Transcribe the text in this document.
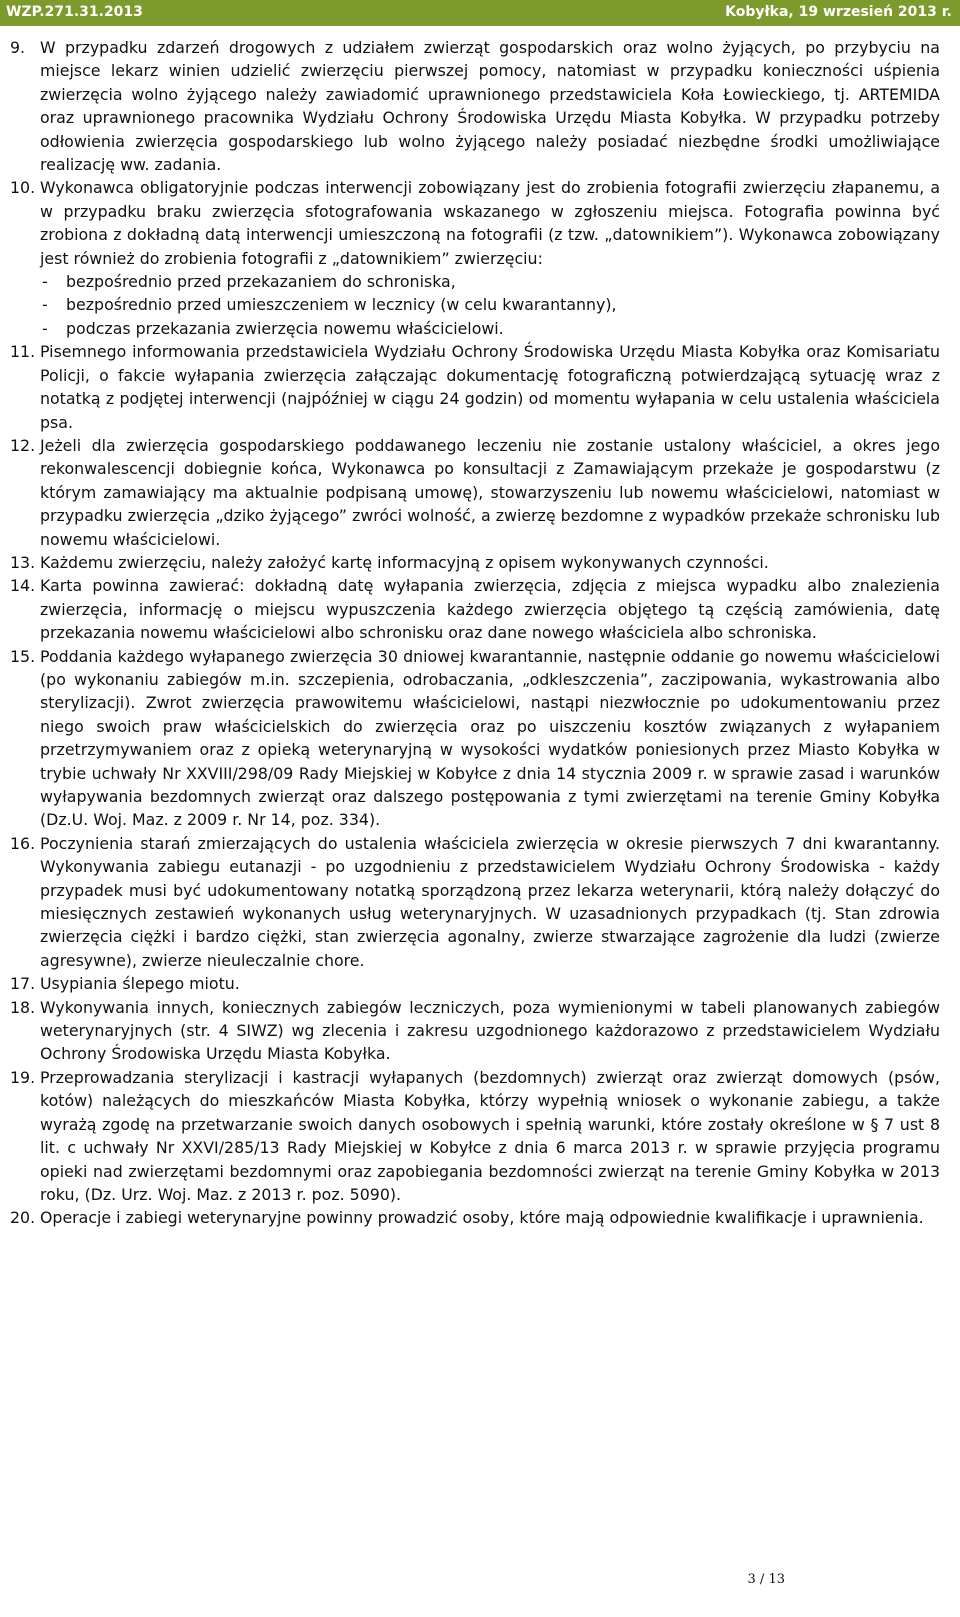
WZP.271.31.2013	Kobyłka, 19 wrzesień 2013 r.
9. W przypadku zdarzeń drogowych z udziałem zwierząt gospodarskich oraz wolno żyjących, po przybyciu na miejsce lekarz winien udzielić zwierzęciu pierwszej pomocy, natomiast w przypadku konieczności uśpienia zwierzęcia wolno żyjącego należy zawiadomić uprawnionego przedstawiciela Koła Łowieckiego, tj. ARTEMIDA oraz uprawnionego pracownika Wydziału Ochrony Środowiska Urzędu Miasta Kobyłka. W przypadku potrzeby odłowienia zwierzęcia gospodarskiego lub wolno żyjącego należy posiadać niezbędne środki umożliwiające realizację ww. zadania.
10. Wykonawca obligatoryjnie podczas interwencji zobowiązany jest do zrobienia fotografii zwierzęciu złapanemu, a w przypadku braku zwierzęcia sfotografowania wskazanego w zgłoszeniu miejsca. Fotografia powinna być zrobiona z dokładną datą interwencji umieszczoną na fotografii (z tzw. „datownikiem”). Wykonawca zobowiązany jest również do zrobienia fotografii z „datownikiem” zwierzęciu:
-	bezpośrednio przed przekazaniem do schroniska,
-	bezpośrednio przed umieszczeniem w lecznicy (w celu kwarantanny),
-	podczas przekazania zwierzęcia nowemu właścicielowi.
11. Pisemnego informowania przedstawiciela Wydziału Ochrony Środowiska Urzędu Miasta Kobyłka oraz Komisariatu Policji, o fakcie wyłapania zwierzęcia załączając dokumentację fotograficzną potwierdzającą sytuację wraz z notatką z podjętej interwencji (najpóźniej w ciągu 24 godzin) od momentu wyłapania w celu ustalenia właściciela psa.
12. Jeżeli dla zwierzęcia gospodarskiego poddawanego leczeniu nie zostanie ustalony właściciel, a okres jego rekonwalescencji dobiegnie końca, Wykonawca po konsultacji z Zamawiającym przekaże je gospodarstwu (z którym zamawiający ma aktualnie podpisaną umowę), stowarzyszeniu lub nowemu właścicielowi, natomiast w przypadku zwierzęcia „dziko żyjącego” zwróci wolność, a zwierzę bezdomne z wypadków przekaże schronisku lub nowemu właścicielowi.
13. Każdemu zwierzęciu, należy założyć kartę informacyjną z opisem wykonywanych czynności.
14. Karta powinna zawierać: dokładną datę wyłapania zwierzęcia, zdjęcia z miejsca wypadku albo znalezienia zwierzęcia, informację o miejscu wypuszczenia każdego zwierzęcia objętego tą częścią zamówienia, datę przekazania nowemu właścicielowi albo schronisku oraz dane nowego właściciela albo schroniska.
15. Poddania każdego wyłapanego zwierzęcia 30 dniowej kwarantannie, następnie oddanie go nowemu właścicielowi (po wykonaniu zabiegów m.in. szczepienia, odrobaczania, „odkleszczenia”, zaczipowania, wykastrowania albo sterylizacji). Zwrot zwierzęcia prawowitemu właścicielowi, nastąpi niezwłocznie po udokumentowaniu przez niego swoich praw właścicielskich do zwierzęcia oraz po uiszczeniu kosztów związanych z wyłapaniem przetrzymywaniem oraz z opieką weterynaryjną w wysokości wydatków poniesionych przez Miasto Kobyłka w trybie uchwały Nr XXVIII/298/09 Rady Miejskiej w Kobyłce z dnia 14 stycznia 2009 r. w sprawie zasad i warunków wyłapywania bezdomnych zwierząt oraz dalszego postępowania z tymi zwierzętami na terenie Gminy Kobyłka (Dz.U. Woj. Maz. z 2009 r. Nr 14, poz. 334).
16. Poczynienia starań zmierzających do ustalenia właściciela zwierzęcia w okresie pierwszych 7 dni kwarantanny. Wykonywania zabiegu eutanazji - po uzgodnieniu z przedstawicielem Wydziału Ochrony Środowiska - każdy przypadek musi być udokumentowany notatką sporządzoną przez lekarza weterynarii, którą należy dołączyć do miesięcznych zestawień wykonanych usług weterynaryjnych. W uzasadnionych przypadkach (tj. Stan zdrowia zwierzęcia ciężki i bardzo ciężki, stan zwierzęcia agonalny, zwierze stwarzające zagrożenie dla ludzi (zwierze agresywne), zwierze nieuleczalnie chore.
17. Usypiania ślepego miotu.
18. Wykonywania innych, koniecznych zabiegów leczniczych, poza wymienionymi w tabeli planowanych zabiegów weterynaryjnych (str. 4 SIWZ) wg zlecenia i zakresu uzgodnionego każdorazowo z przedstawicielem Wydziału Ochrony Środowiska Urzędu Miasta Kobyłka.
19. Przeprowadzania sterylizacji i kastracji wyłapanych (bezdomnych) zwierząt oraz zwierząt domowych (psów, kotów) należących do mieszkańców Miasta Kobyłka, którzy wypełnią wniosek o wykonanie zabiegu, a także wyrażą zgodę na przetwarzanie swoich danych osobowych i spełnią warunki, które zostały określone w § 7 ust 8 lit. c uchwały Nr XXVI/285/13 Rady Miejskiej w Kobyłce z dnia 6 marca 2013 r. w sprawie przyjęcia programu opieki nad zwierzętami bezdomnymi oraz zapobiegania bezdomności zwierząt na terenie Gminy Kobyłka w 2013 roku, (Dz. Urz. Woj. Maz. z 2013 r. poz. 5090).
20. Operacje i zabiegi weterynaryjne powinny prowadzić osoby, które mają odpowiednie kwalifikacje i uprawnienia.
3 / 13
